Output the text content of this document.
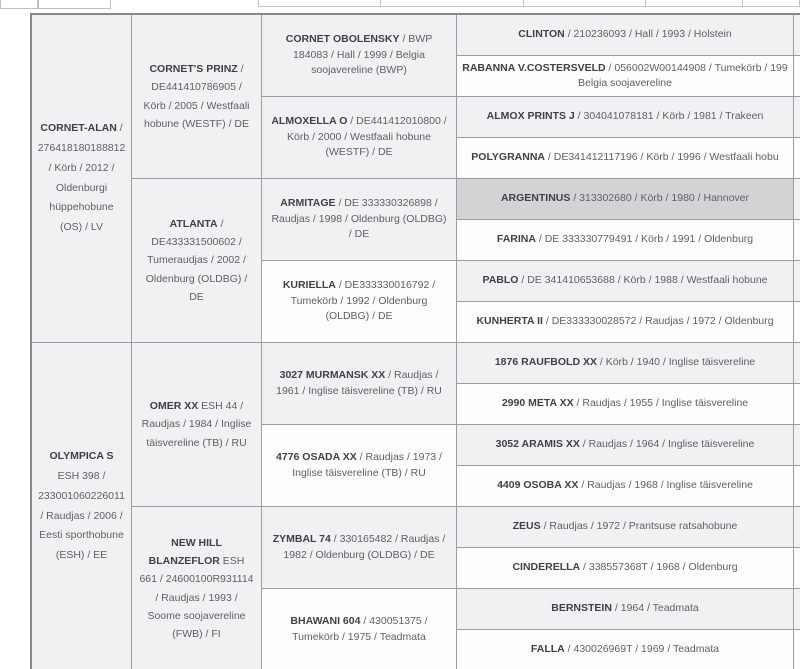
CORNET-ALAN / 276418180188812 / Körb / 2012 / Oldenburgi hüppehobune (OS) / LV
OLYMPICA S ESH 398 / 233001060226011 / Raudjas / 2006 / Eesti sporthobune (ESH) / EE
CORNET'S PRINZ / DE441410786905 / Körb / 2005 / Westfaali hobune (WESTF) / DE
ATLANTA / DE433331500602 / Tumeraudjas / 2002 / Oldenburg (OLDBG) / DE
OMER XX ESH 44 / Raudjas / 1984 / Inglise täisvereline (TB) / RU
NEW HILL BLANZEFLOR ESH 661 / 24600100R931114 / Raudjas / 1993 / Soome soojavereline (FWB) / FI
CORNET OBOLENSKY / BWP 184083 / Hall / 1999 / Belgia soojavereline (BWP)
ALMOXELLA O / DE441412010800 / Körb / 2000 / Westfaali hobune (WESTF) / DE
ARMITAGE / DE 333330326898 / Raudjas / 1998 / Oldenburg (OLDBG) / DE
KURIELLA / DE333330016792 / Tumekörb / 1992 / Oldenburg (OLDBG) / DE
3027 MURMANSK XX / Raudjas / 1961 / Inglise täisvereline (TB) / RU
4776 OSADA XX / Raudjas / 1973 / Inglise täisvereline (TB) / RU
ZYMBAL 74 / 330165482 / Raudjas / 1982 / Oldenburg (OLDBG) / DE
BHAWANI 604 / 430051375 / Tumekörb / 1975 / Teadmata
CLINTON / 210236093 / Hall / 1993 / Holstein
RABANNA V.COSTERSVELD / 056002W00144908 / Tumekörb / 199
Belgia soojavereline
ALMOX PRINTS J / 304041078181 / Körb / 1981 / Trakeen
POLYGRANNA / DE341412117196 / Körb / 1996 / Westfaali hobu
ARGENTINUS / 313302680 / Körb / 1980 / Hannover
FARINA / DE 333330779491 / Körb / 1991 / Oldenburg
PABLO / DE 341410653688 / Körb / 1988 / Westfaali hobune
KUNHERTA II / DE333330028572 / Raudjas / 1972 / Oldenburg
1876 RAUFBOLD XX / Körb / 1940 / Inglise täisvereline
2990 META XX / Raudjas / 1955 / Inglise täisvereline
3052 ARAMIS XX / Raudjas / 1964 / Inglise täisvereline
4409 OSOBA XX / Raudjas / 1968 / Inglise täisvereline
ZEUS / Raudjas / 1972 / Prantsuse ratsahobune
CINDERELLA / 338557368T / 1968 / Oldenburg
BERNSTEIN / 1964 / Teadmata
FALLA / 430026969T / 1969 / Teadmata
